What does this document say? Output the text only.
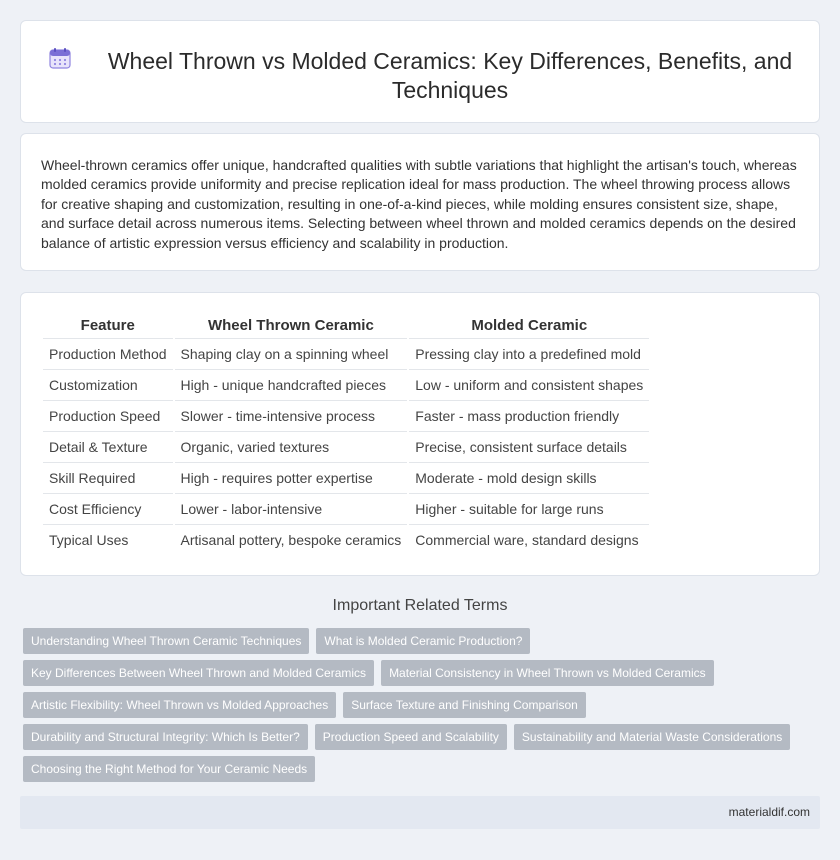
Wheel Thrown vs Molded Ceramics: Key Differences, Benefits, and Techniques

Wheel-thrown ceramics offer unique, handcrafted qualities with subtle variations that highlight the artisan's touch, whereas molded ceramics provide uniformity and precise replication ideal for mass production. The wheel throwing process allows for creative shaping and customization, resulting in one-of-a-kind pieces, while molding ensures consistent size, shape, and surface detail across numerous items. Selecting between wheel thrown and molded ceramics depends on the desired balance of artistic expression versus efficiency and scalability in production.

Feature	Wheel Thrown Ceramic	Molded Ceramic
Production Method	Shaping clay on a spinning wheel	Pressing clay into a predefined mold
Customization	High - unique handcrafted pieces	Low - uniform and consistent shapes
Production Speed	Slower - time-intensive process	Faster - mass production friendly
Detail & Texture	Organic, varied textures	Precise, consistent surface details
Skill Required	High - requires potter expertise	Moderate - mold design skills
Cost Efficiency	Lower - labor-intensive	Higher - suitable for large runs
Typical Uses	Artisanal pottery, bespoke ceramics	Commercial ware, standard designs
Important Related Terms
Understanding Wheel Thrown Ceramic Techniques	What is Molded Ceramic Production?
Key Differences Between Wheel Thrown and Molded Ceramics	Material Consistency in Wheel Thrown vs Molded Ceramics
Artistic Flexibility: Wheel Thrown vs Molded Approaches	Surface Texture and Finishing Comparison
Durability and Structural Integrity: Which Is Better?	Production Speed and Scalability	Sustainability and Material Waste Considerations
Choosing the Right Method for Your Ceramic Needs
materialdif.com
